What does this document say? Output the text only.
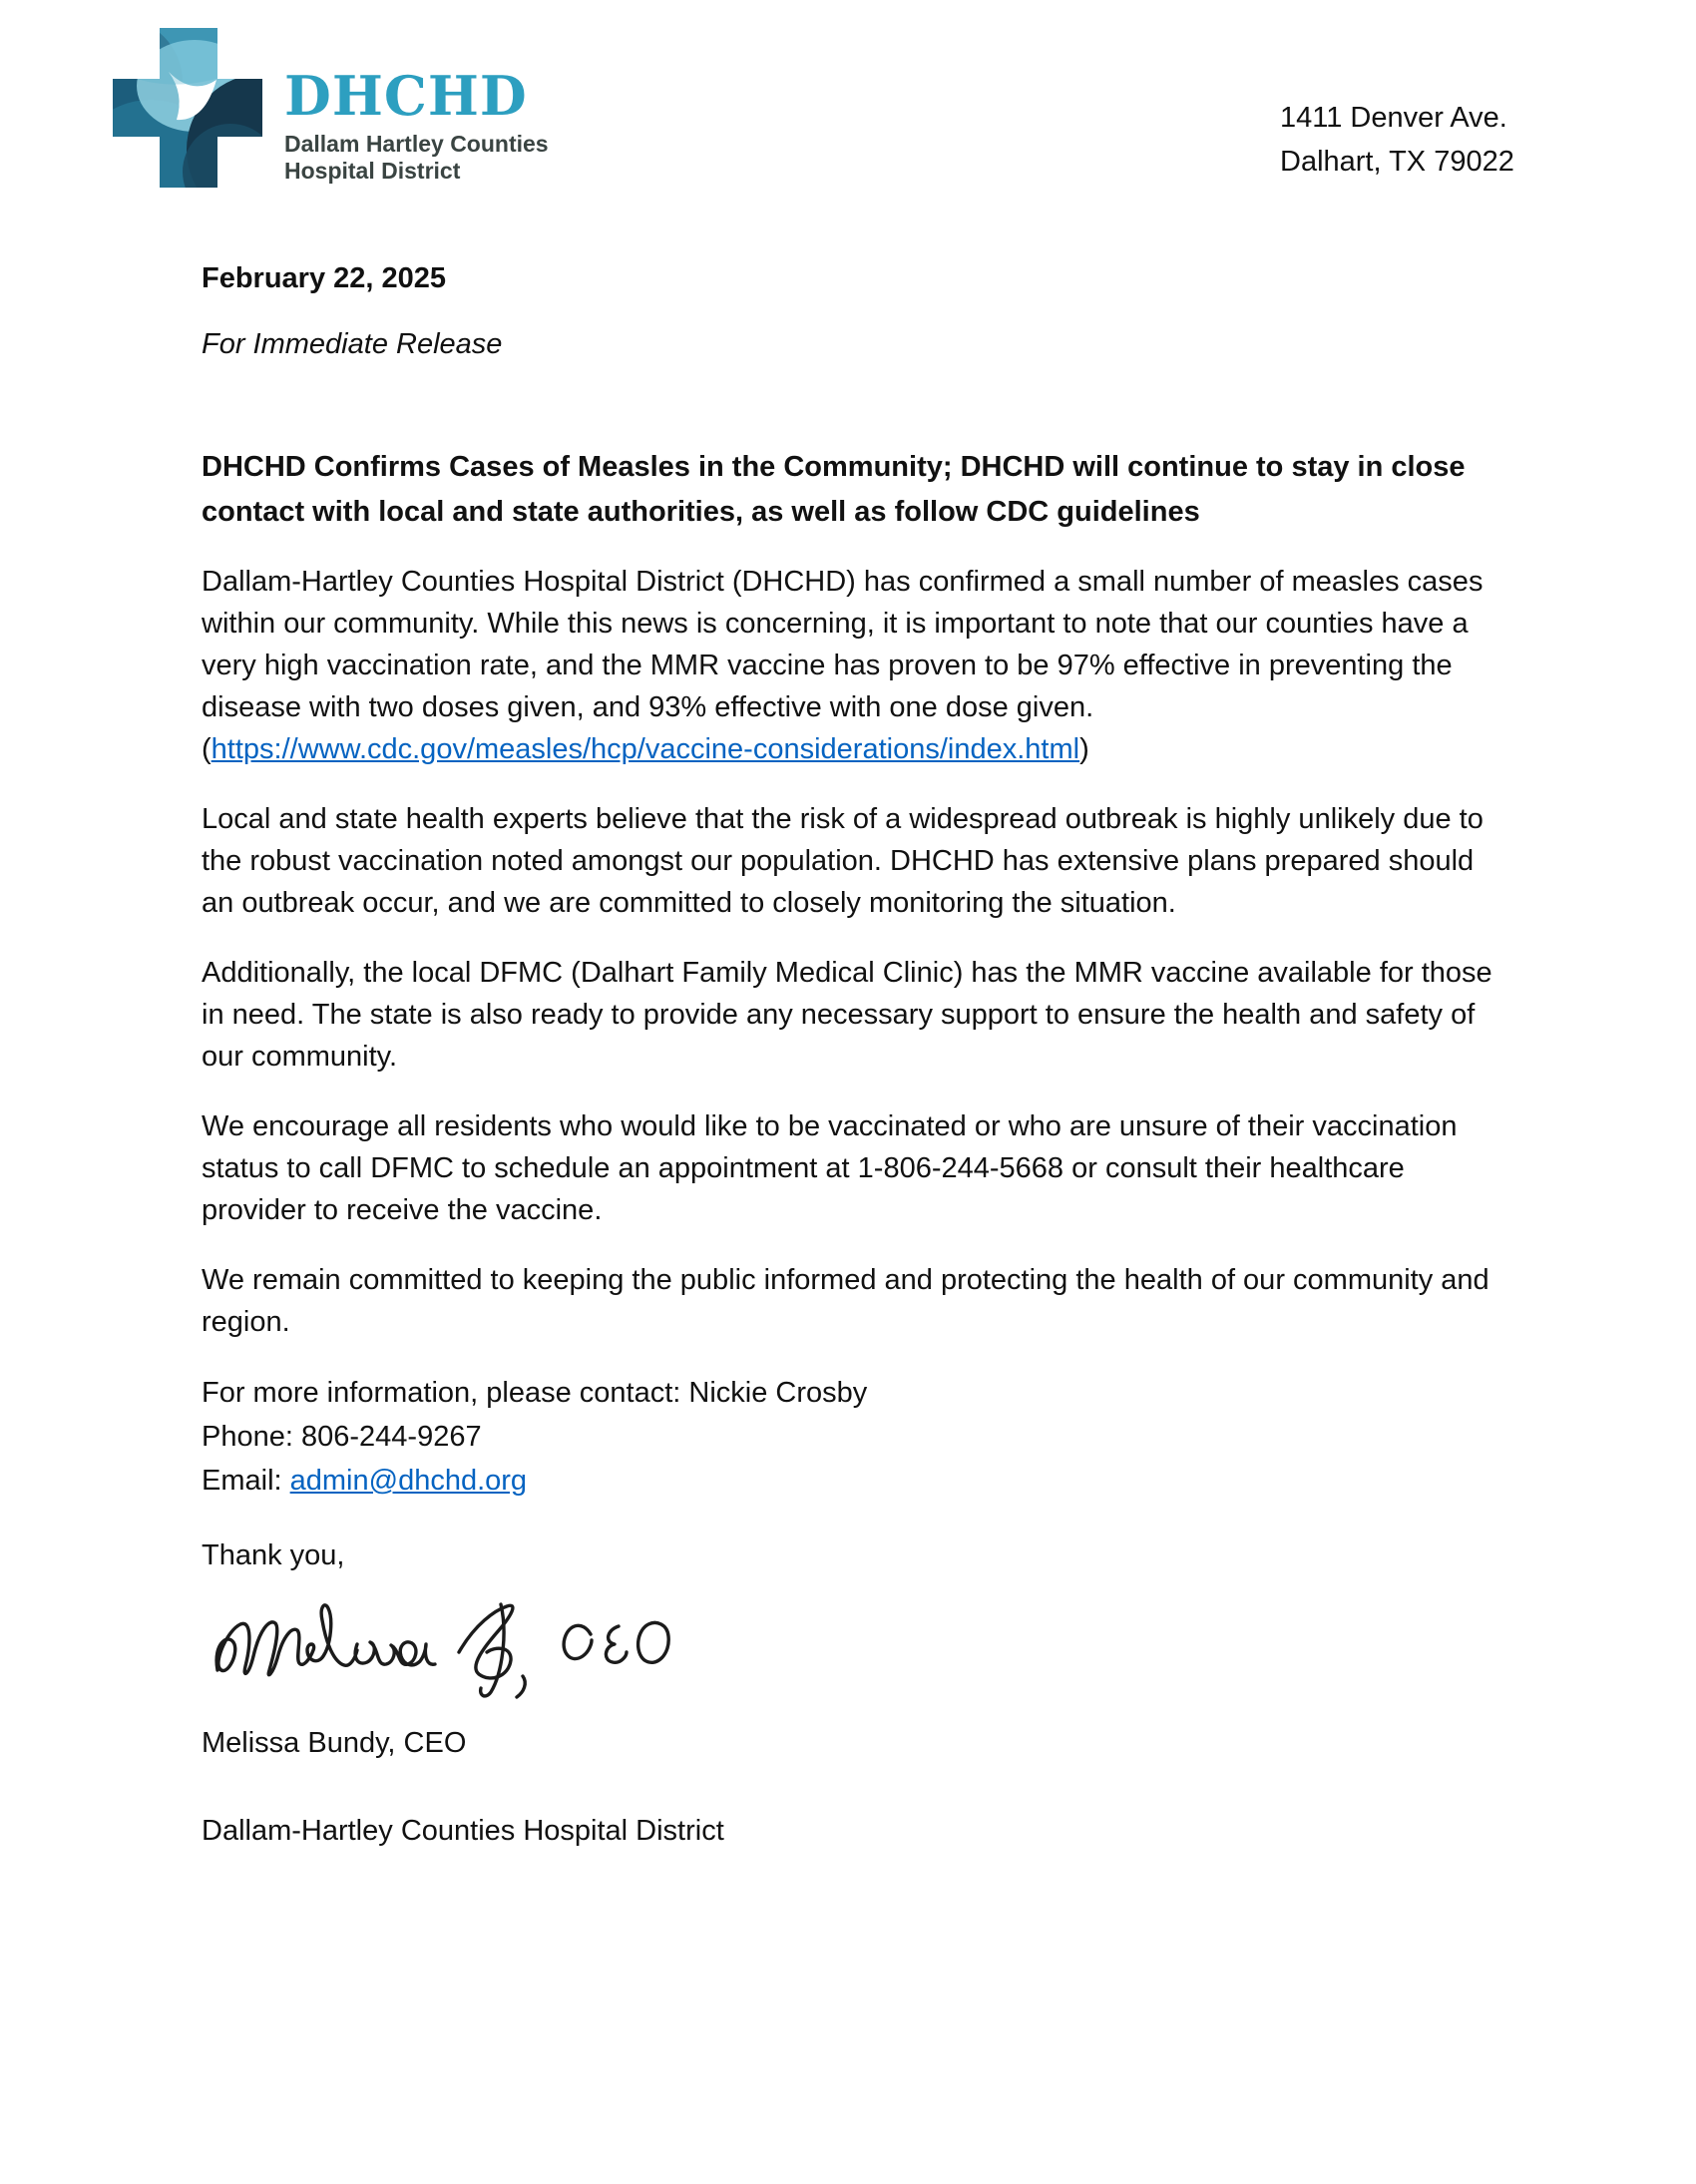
DHCHD
Dallam Hartley Counties
Hospital District
1411 Denver Ave.
Dalhart, TX 79022
February 22, 2025
For Immediate Release
DHCHD Confirms Cases of Measles in the Community; DHCHD will continue to stay in close contact with local and state authorities, as well as follow CDC guidelines
Dallam-Hartley Counties Hospital District (DHCHD) has confirmed a small number of measles cases within our community. While this news is concerning, it is important to note that our counties have a very high vaccination rate, and the MMR vaccine has proven to be 97% effective in preventing the disease with two doses given, and 93% effective with one dose given.
(https://www.cdc.gov/measles/hcp/vaccine-considerations/index.html)
Local and state health experts believe that the risk of a widespread outbreak is highly unlikely due to the robust vaccination noted amongst our population. DHCHD has extensive plans prepared should an outbreak occur, and we are committed to closely monitoring the situation.
Additionally, the local DFMC (Dalhart Family Medical Clinic) has the MMR vaccine available for those in need. The state is also ready to provide any necessary support to ensure the health and safety of our community.
We encourage all residents who would like to be vaccinated or who are unsure of their vaccination status to call DFMC to schedule an appointment at 1-806-244-5668 or consult their healthcare provider to receive the vaccine.
We remain committed to keeping the public informed and protecting the health of our community and region.
For more information, please contact: Nickie Crosby
Phone: 806-244-9267
Email: admin@dhchd.org
Thank you,
Melissa Bundy, CEO
Dallam-Hartley Counties Hospital District
